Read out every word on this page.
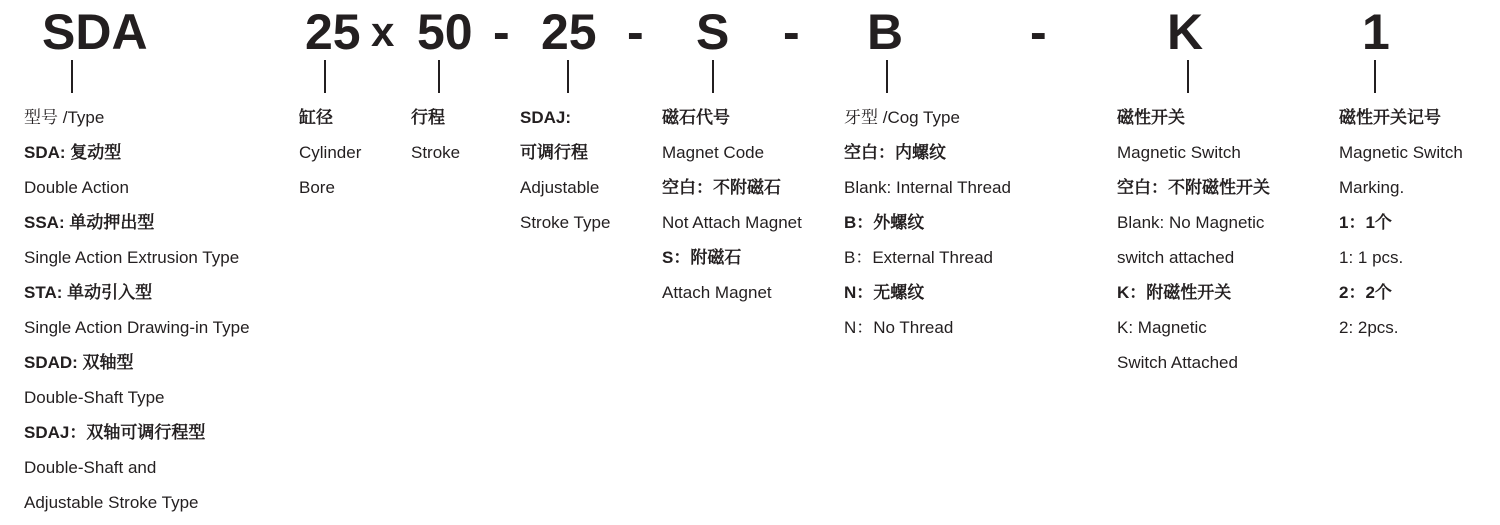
SDA	25 x 50 - 25 - S - B	- K	1
型号 /Type
SDA: 复动型
Double Action
SSA: 单动押出型
Single Action Extrusion Type
STA: 单动引入型
Single Action Drawing-in Type
SDAD: 双轴型
Double-Shaft Type
SDAJ：双轴可调行程型
Double-Shaft and
Adjustable Stroke Type
缸径
Cylinder
Bore
行程
Stroke
SDAJ:
可调行程
Adjustable
Stroke Type
磁石代号
Magnet Code
空白：不附磁石
Not Attach Magnet
S：附磁石
Attach Magnet
牙型 /Cog Type
空白：内螺纹
Blank: Internal Thread
B：外螺纹
B：External Thread
N：无螺纹
N：No Thread
磁性开关
Magnetic Switch
空白：不附磁性开关
Blank: No Magnetic
switch attached
K：附磁性开关
K: Magnetic
Switch Attached
磁性开关记号
Magnetic Switch
Marking.
1：1个
1: 1 pcs.
2：2个
2: 2pcs.
